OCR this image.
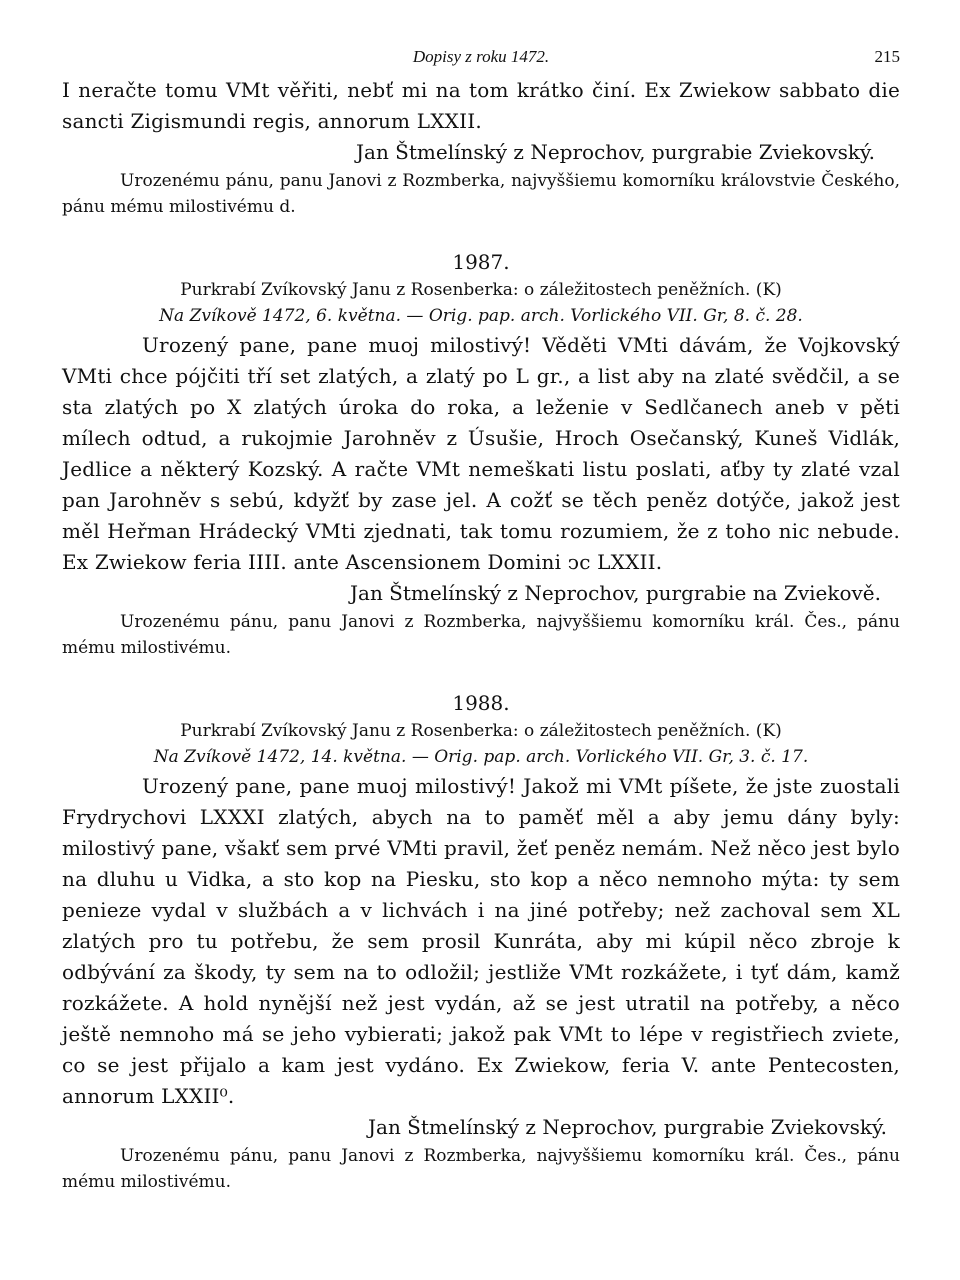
Dopisy z roku 1472.	215

I neračte tomu VMt věřiti, nebť mi na tom krátko činí. Ex Zwiekow sabbato die sancti Zigismundi regis, annorum LXXII.

Jan Štmelínský z Neprochov, purgrabie Zviekovský.

Urozenému pánu, panu Janovi z Rozmberka, najvyššiemu komorníku královstvie Českého, pánu mému milostivému d.

1987.
Purkrabí Zvíkovský Janu z Rosenberka: o záležitostech peněžních. (K)
Na Zvíkově 1472, 6. května. — Orig. pap. arch. Vorlického VII. Gr, 8. č. 28.

Urozený pane, pane muoj milostivý! Věděti VMti dávám, že Vojkovský VMti chce pójčiti tří set zlatých, a zlatý po L gr., a list aby na zlaté svědčil, a se sta zlatých po X zlatých úroka do roka, a leženie v Sedlčanech aneb v pěti mílech odtud, a rukojmie Jarohněv z Úsušie, Hroch Osečanský, Kuneš Vidlák, Jedlice a některý Kozský. A račte VMt nemeškati listu poslati, aťby ty zlaté vzal pan Jarohněv s sebú, kdyžť by zase jel. A cožť se těch peněz dotýče, jakož jest měl Heřman Hrádecký VMti zjednati, tak tomu rozumiem, že z toho nic nebude. Ex Zwiekow feria IIII. ante Ascensionem Domini ↄc LXXII.

Jan Štmelínský z Neprochov, purgrabie na Zviekově.

Urozenému pánu, panu Janovi z Rozmberka, najvyššiemu komorníku král. Čes., pánu mému milostivému.

1988.
Purkrabí Zvíkovský Janu z Rosenberka: o záležitostech peněžních. (K)
Na Zvíkově 1472, 14. května. — Orig. pap. arch. Vorlického VII. Gr, 3. č. 17.

Urozený pane, pane muoj milostivý! Jakož mi VMt píšete, že jste zuostali Frydrychovi LXXXI zlatých, abych na to paměť měl a aby jemu dány byly: milostivý pane, všakť sem prvé VMti pravil, žeť peněz nemám. Než něco jest bylo na dluhu u Vidka, a sto kop na Piesku, sto kop a něco nemnoho mýta: ty sem penieze vydal v službách a v lichvách i na jiné potřeby; než zachoval sem XL zlatých pro tu potřebu, že sem prosil Kunráta, aby mi kúpil něco zbroje k odbývání za škody, ty sem na to odložil; jestliže VMt rozkážete, i tyť dám, kamž rozkážete. A hold nynější než jest vydán, až se jest utratil na potřeby, a něco ještě nemnoho má se jeho vybierati; jakož pak VMt to lépe v registřiech zviete, co se jest přijalo a kam jest vydáno. Ex Zwiekow, feria V. ante Pentecosten, annorum LXXII⁰.

Jan Štmelínský z Neprochov, purgrabie Zviekovský.

Urozenému pánu, panu Janovi z Rozmberka, najvyššiemu komorníku král. Čes., pánu mému milostivému.
